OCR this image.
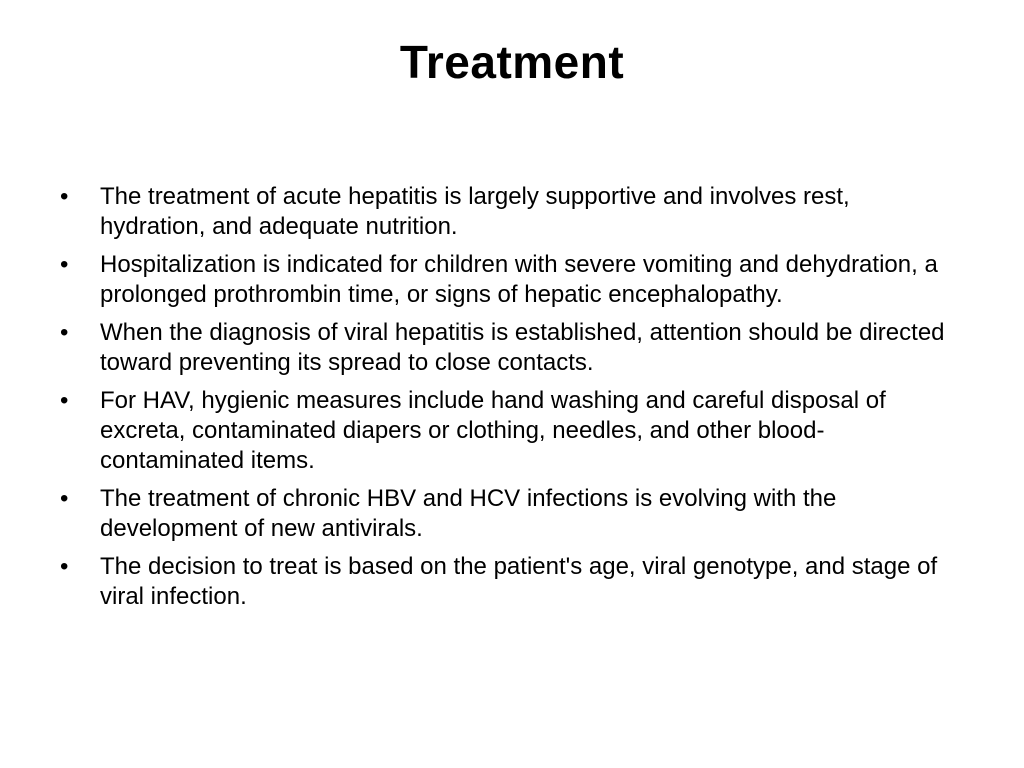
Treatment
•	The treatment of acute hepatitis is largely supportive and involves rest, hydration, and adequate nutrition.
•	Hospitalization is indicated for children with severe vomiting and dehydration, a prolonged prothrombin time, or signs of hepatic encephalopathy.
•	When the diagnosis of viral hepatitis is established, attention should be directed toward preventing its spread to close contacts.
•	For HAV, hygienic measures include hand washing and careful disposal of excreta, contaminated diapers or clothing, needles, and other blood-contaminated items.
•	The treatment of chronic HBV and HCV infections is evolving with the development of new antivirals.
•	The decision to treat is based on the patient's age, viral genotype, and stage of viral infection.
